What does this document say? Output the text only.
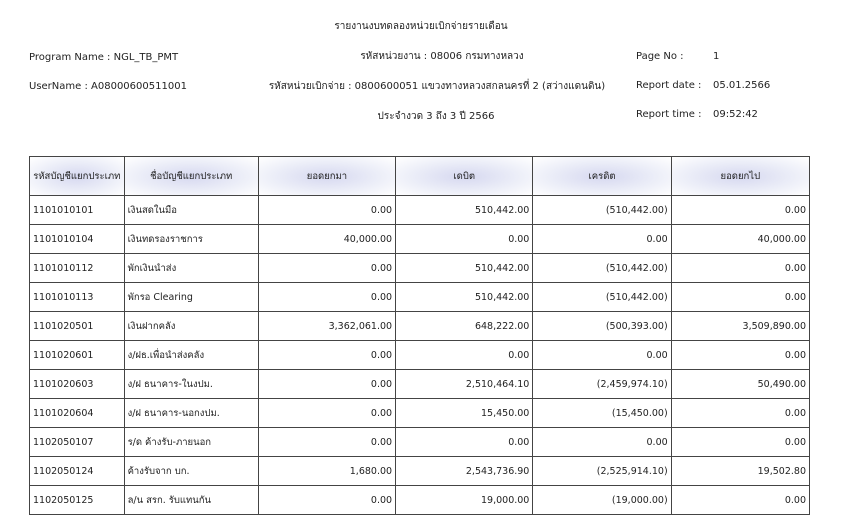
รายงานงบทดลองหน่วยเบิกจ่ายรายเดือน
Program Name : NGL_TB_PMT
UserName : A08000600511001
รหัสหน่วยงาน : 08006 กรมทางหลวง
รหัสหน่วยเบิกจ่าย : 0800600051 แขวงทางหลวงสกลนครที่ 2 (สว่างแดนดิน)
ประจำงวด 3 ถึง 3 ปี 2566
Page No :	1
Report date : 05.01.2566
Report time : 09:52:42
รหัสบัญชีแยกประเภท	ชื่อบัญชีแยกประเภท	ยอดยกมา	เดบิต	เครดิต	ยอดยกไป
1101010101	เงินสดในมือ	0.00	510,442.00	(510,442.00)	0.00
1101010104	เงินทดรองราชการ	40,000.00	0.00	0.00	40,000.00
1101010112	พักเงินนำส่ง	0.00	510,442.00	(510,442.00)	0.00
1101010113	พักรอ Clearing	0.00	510,442.00	(510,442.00)	0.00
1101020501	เงินฝากคลัง	3,362,061.00	648,222.00	(500,393.00)	3,509,890.00
1101020601	ง/ฝธ.เพื่อนำส่งคลัง	0.00	0.00	0.00	0.00
1101020603	ง/ฝ ธนาคาร-ในงปม.	0.00	2,510,464.10	(2,459,974.10)	50,490.00
1101020604	ง/ฝ ธนาคาร-นอกงปม.	0.00	15,450.00	(15,450.00)	0.00
1102050107	ร/ด ค้างรับ-ภายนอก	0.00	0.00	0.00	0.00
1102050124	ค้างรับจาก บก.	1,680.00	2,543,736.90	(2,525,914.10)	19,502.80
1102050125	ล/น สรก. รับแทนกัน	0.00	19,000.00	(19,000.00)	0.00
